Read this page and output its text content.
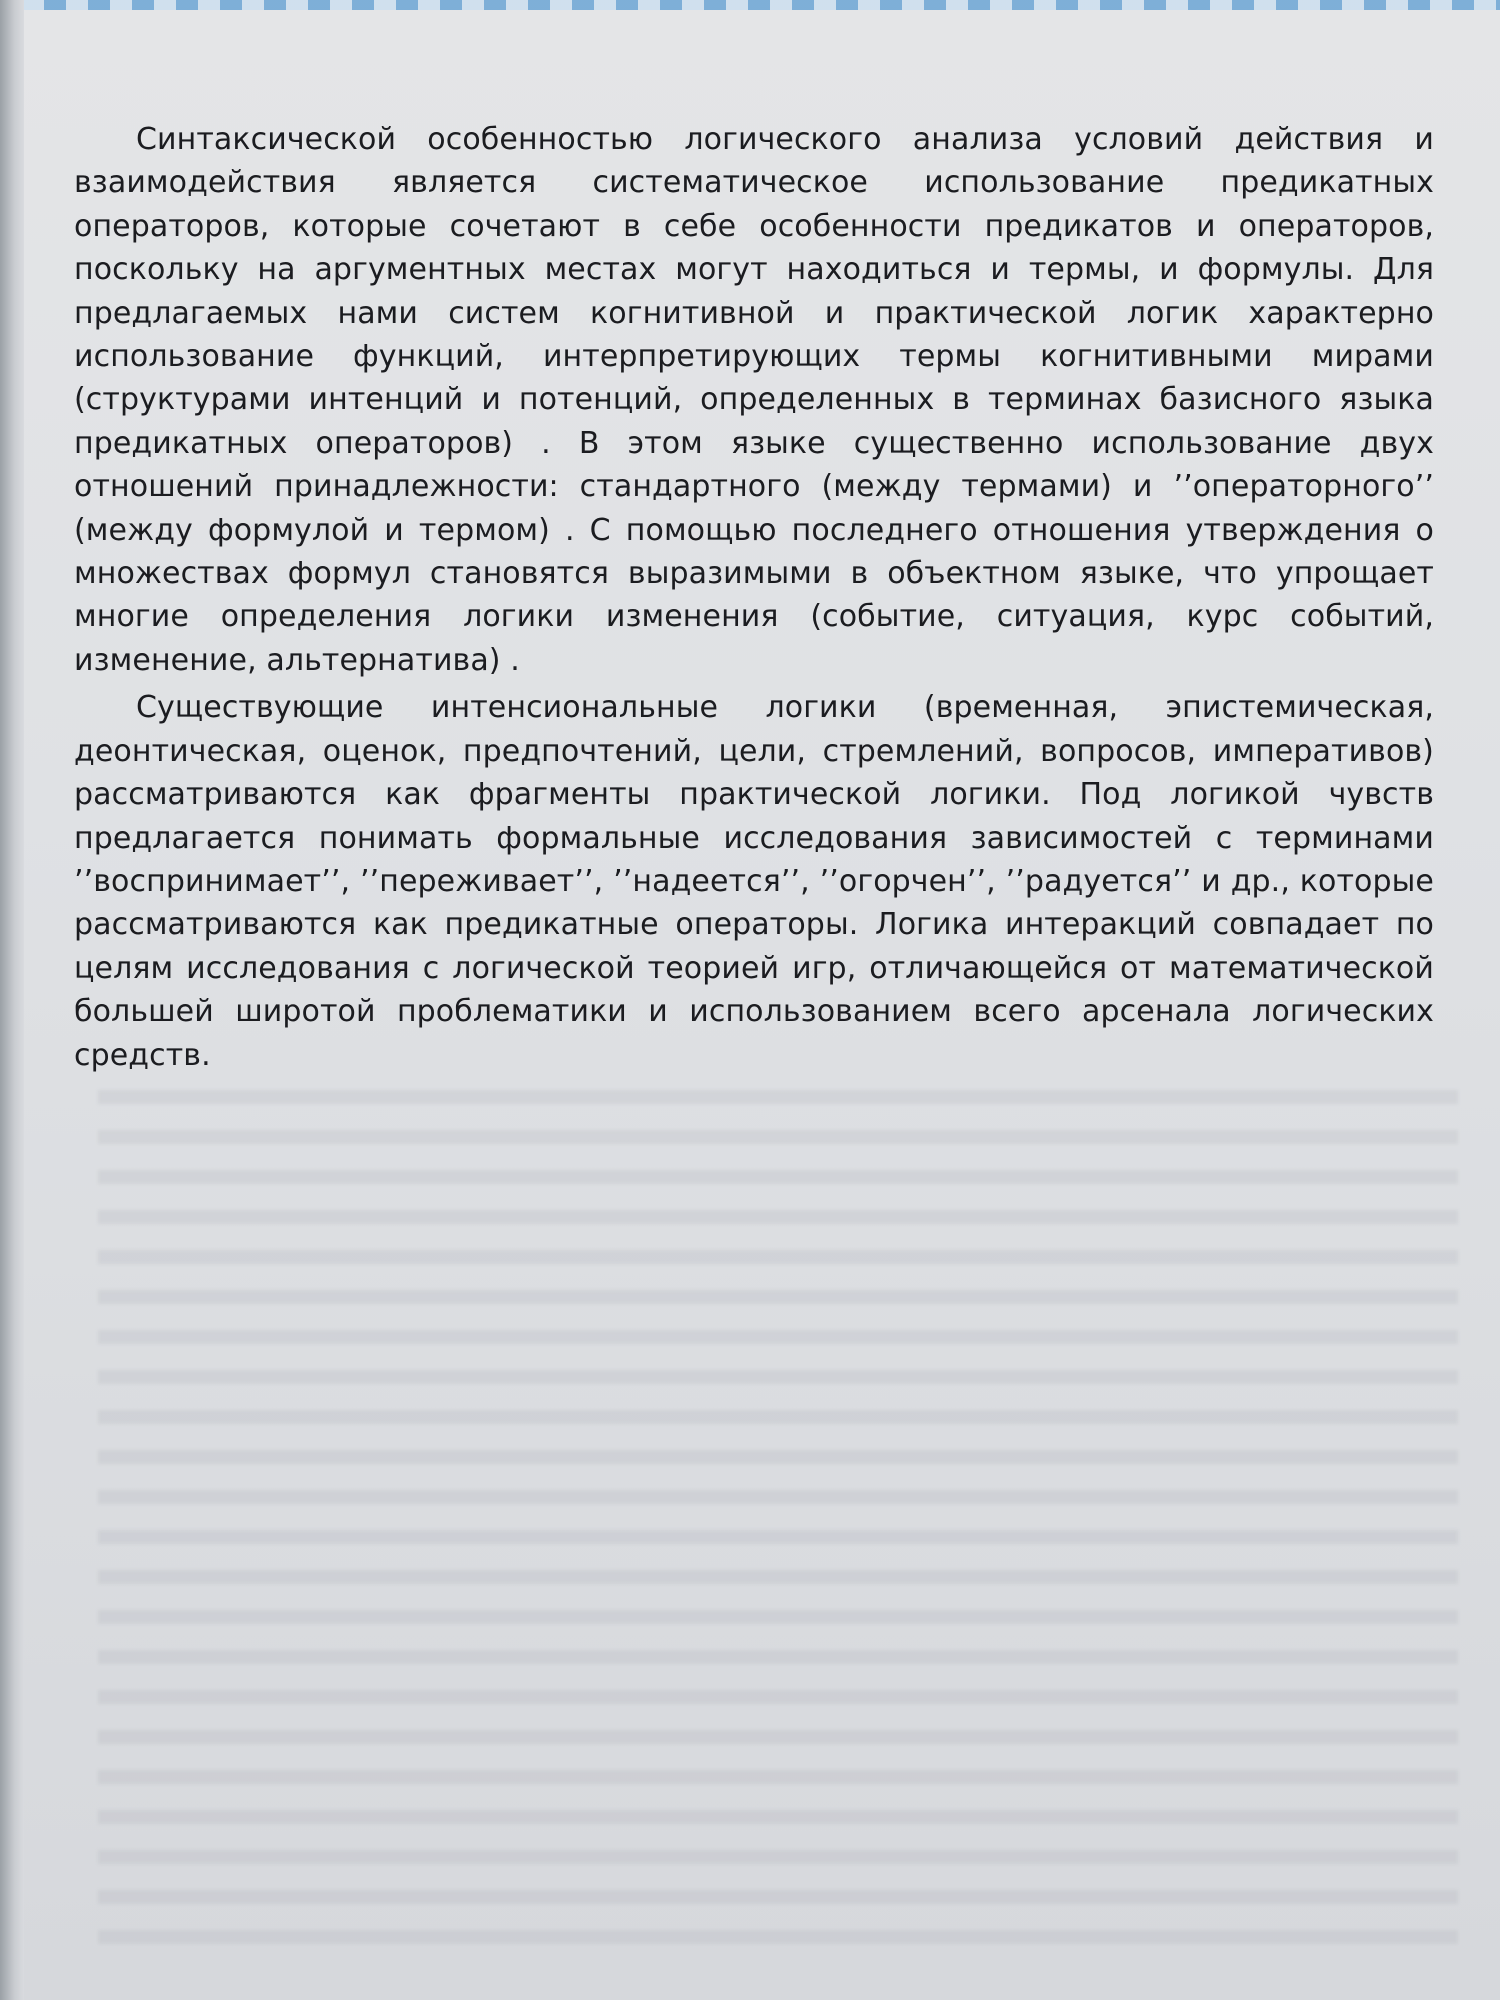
Синтаксической особенностью логического анализа условий действия и взаимодействия является систематическое использование предикатных операторов, которые сочетают в себе особенности предикатов и операторов, поскольку на аргументных местах могут находиться и термы, и формулы. Для предлагаемых нами систем когнитивной и практической логик характерно использование функций, интерпретирующих термы когнитивными мирами (структурами интенций и потенций, определенных в терминах базисного языка предикатных операторов) . В этом языке существенно использование двух отношений принадлежности: стандартного (между термами) и ’’операторного’’ (между формулой и термом) . С помощью последнего отношения утверждения о множествах формул становятся выразимыми в объектном языке, что упрощает многие определения логики изменения (событие, ситуация, курс событий, изменение, альтернатива) .

Существующие интенсиональные логики (временная, эпистемическая, деонтическая, оценок, предпочтений, цели, стремлений, вопросов, императивов) рассматриваются как фрагменты практической логики. Под логикой чувств предлагается понимать формальные исследования зависимостей с терминами ’’воспринимает’’, ’’переживает’’, ’’надеется’’, ’’огорчен’’, ’’радуется’’ и др., которые рассматриваются как предикатные операторы. Логика интеракций совпадает по целям исследования с логической теорией игр, отличающейся от математической большей широтой проблематики и использованием всего арсенала логических средств.
